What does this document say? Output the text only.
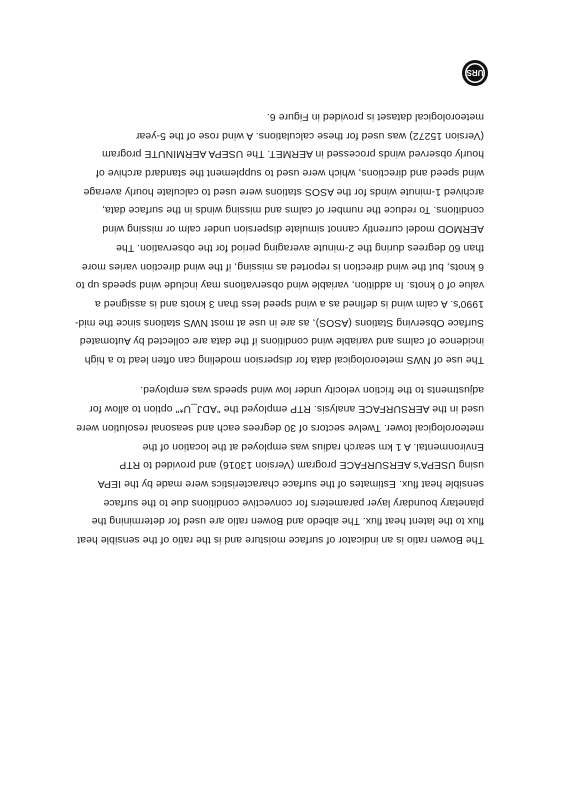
URS
The Bowen ratio is an indicator of surface moisture and is the ratio of the sensible heat
flux to the latent heat flux. The albedo and Bowen ratio are used for determining the
planetary boundary layer parameters for convective conditions due to the surface
sensible heat flux. Estimates of the surface characteristics were made by the IEPA
using USEPA's AERSURFACE program (Version 13016) and provided to RTP
Environmental. A 1 km search radius was employed at the location of the
meteorological tower. Twelve sectors of 30 degrees each and seasonal resolution were
used in the AERSURFACE analysis. RTP employed the "ADJ_U*" option to allow for
adjustments to the friction velocity under low wind speeds was employed.
The use of NWS meteorological data for dispersion modeling can often lead to a high
incidence of calms and variable wind conditions if the data are collected by Automated
Surface Observing Stations (ASOS), as are in use at most NWS stations since the mid-
1990's. A calm wind is defined as a wind speed less than 3 knots and is assigned a
value of 0 knots. In addition, variable wind observations may include wind speeds up to
6 knots, but the wind direction is reported as missing, if the wind direction varies more
than 60 degrees during the 2-minute averaging period for the observation. The
AERMOD model currently cannot simulate dispersion under calm or missing wind
conditions. To reduce the number of calms and missing winds in the surface data,
archived 1-minute winds for the ASOS stations were used to calculate hourly average
wind speed and directions, which were used to supplement the standard archive of
hourly observed winds processed in AERMET. The USEPA AERMINUTE program
(Version 15272) was used for these calculations. A wind rose of the 5-year
meteorological dataset is provided in Figure 6.
